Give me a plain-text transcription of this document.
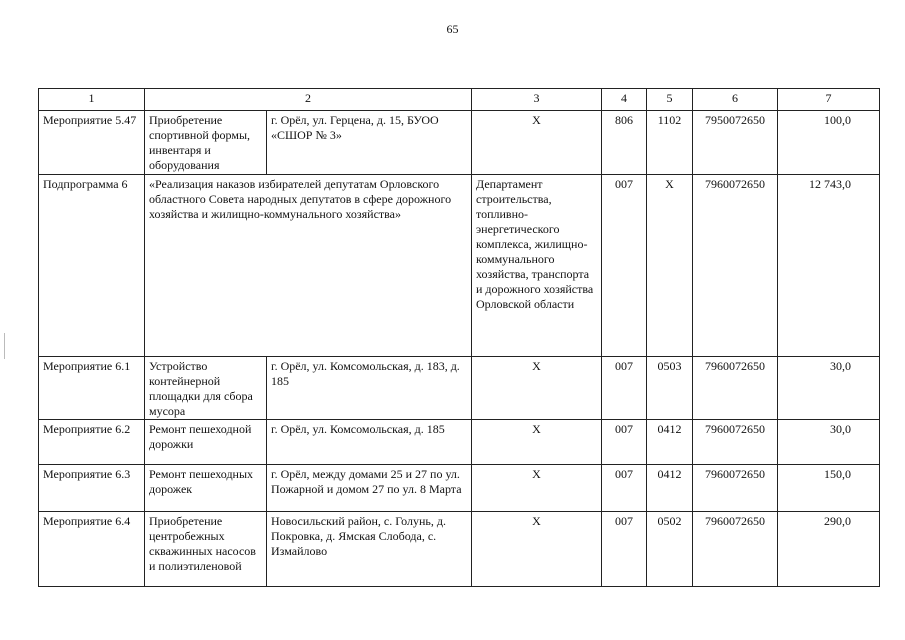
65
1	2		3	4	5	6	7
Мероприятие 5.47	Приобретение спортивной формы, инвентаря и оборудования	г. Орёл, ул. Герцена, д. 15, БУОО «СШОР № 3»	Х	806	1102	7950072650	100,0
Подпрограмма 6	«Реализация наказов избирателей депутатам Орловского областного Совета народных депутатов в сфере дорожного хозяйства и жилищно-коммунального хозяйства»		Департамент строительства, топливно-энергетического комплекса, жилищно-коммунального хозяйства, транспорта и дорожного хозяйства Орловской области	007	Х	7960072650	12 743,0
Мероприятие 6.1	Устройство контейнерной площадки для сбора мусора	г. Орёл, ул. Комсомольская, д. 183, д. 185	Х	007	0503	7960072650	30,0
Мероприятие 6.2	Ремонт пешеходной дорожки	г. Орёл, ул. Комсомольская, д. 185	Х	007	0412	7960072650	30,0
Мероприятие 6.3	Ремонт пешеходных дорожек	г. Орёл, между домами 25 и 27 по ул. Пожарной и домом 27 по ул. 8 Марта	Х	007	0412	7960072650	150,0
Мероприятие 6.4	Приобретение центробежных скважинных насосов и полиэтиленовой	Новосильский район, с. Голунь, д. Покровка, д. Ямская Слобода, с. Измайлово	Х	007	0502	7960072650	290,0
